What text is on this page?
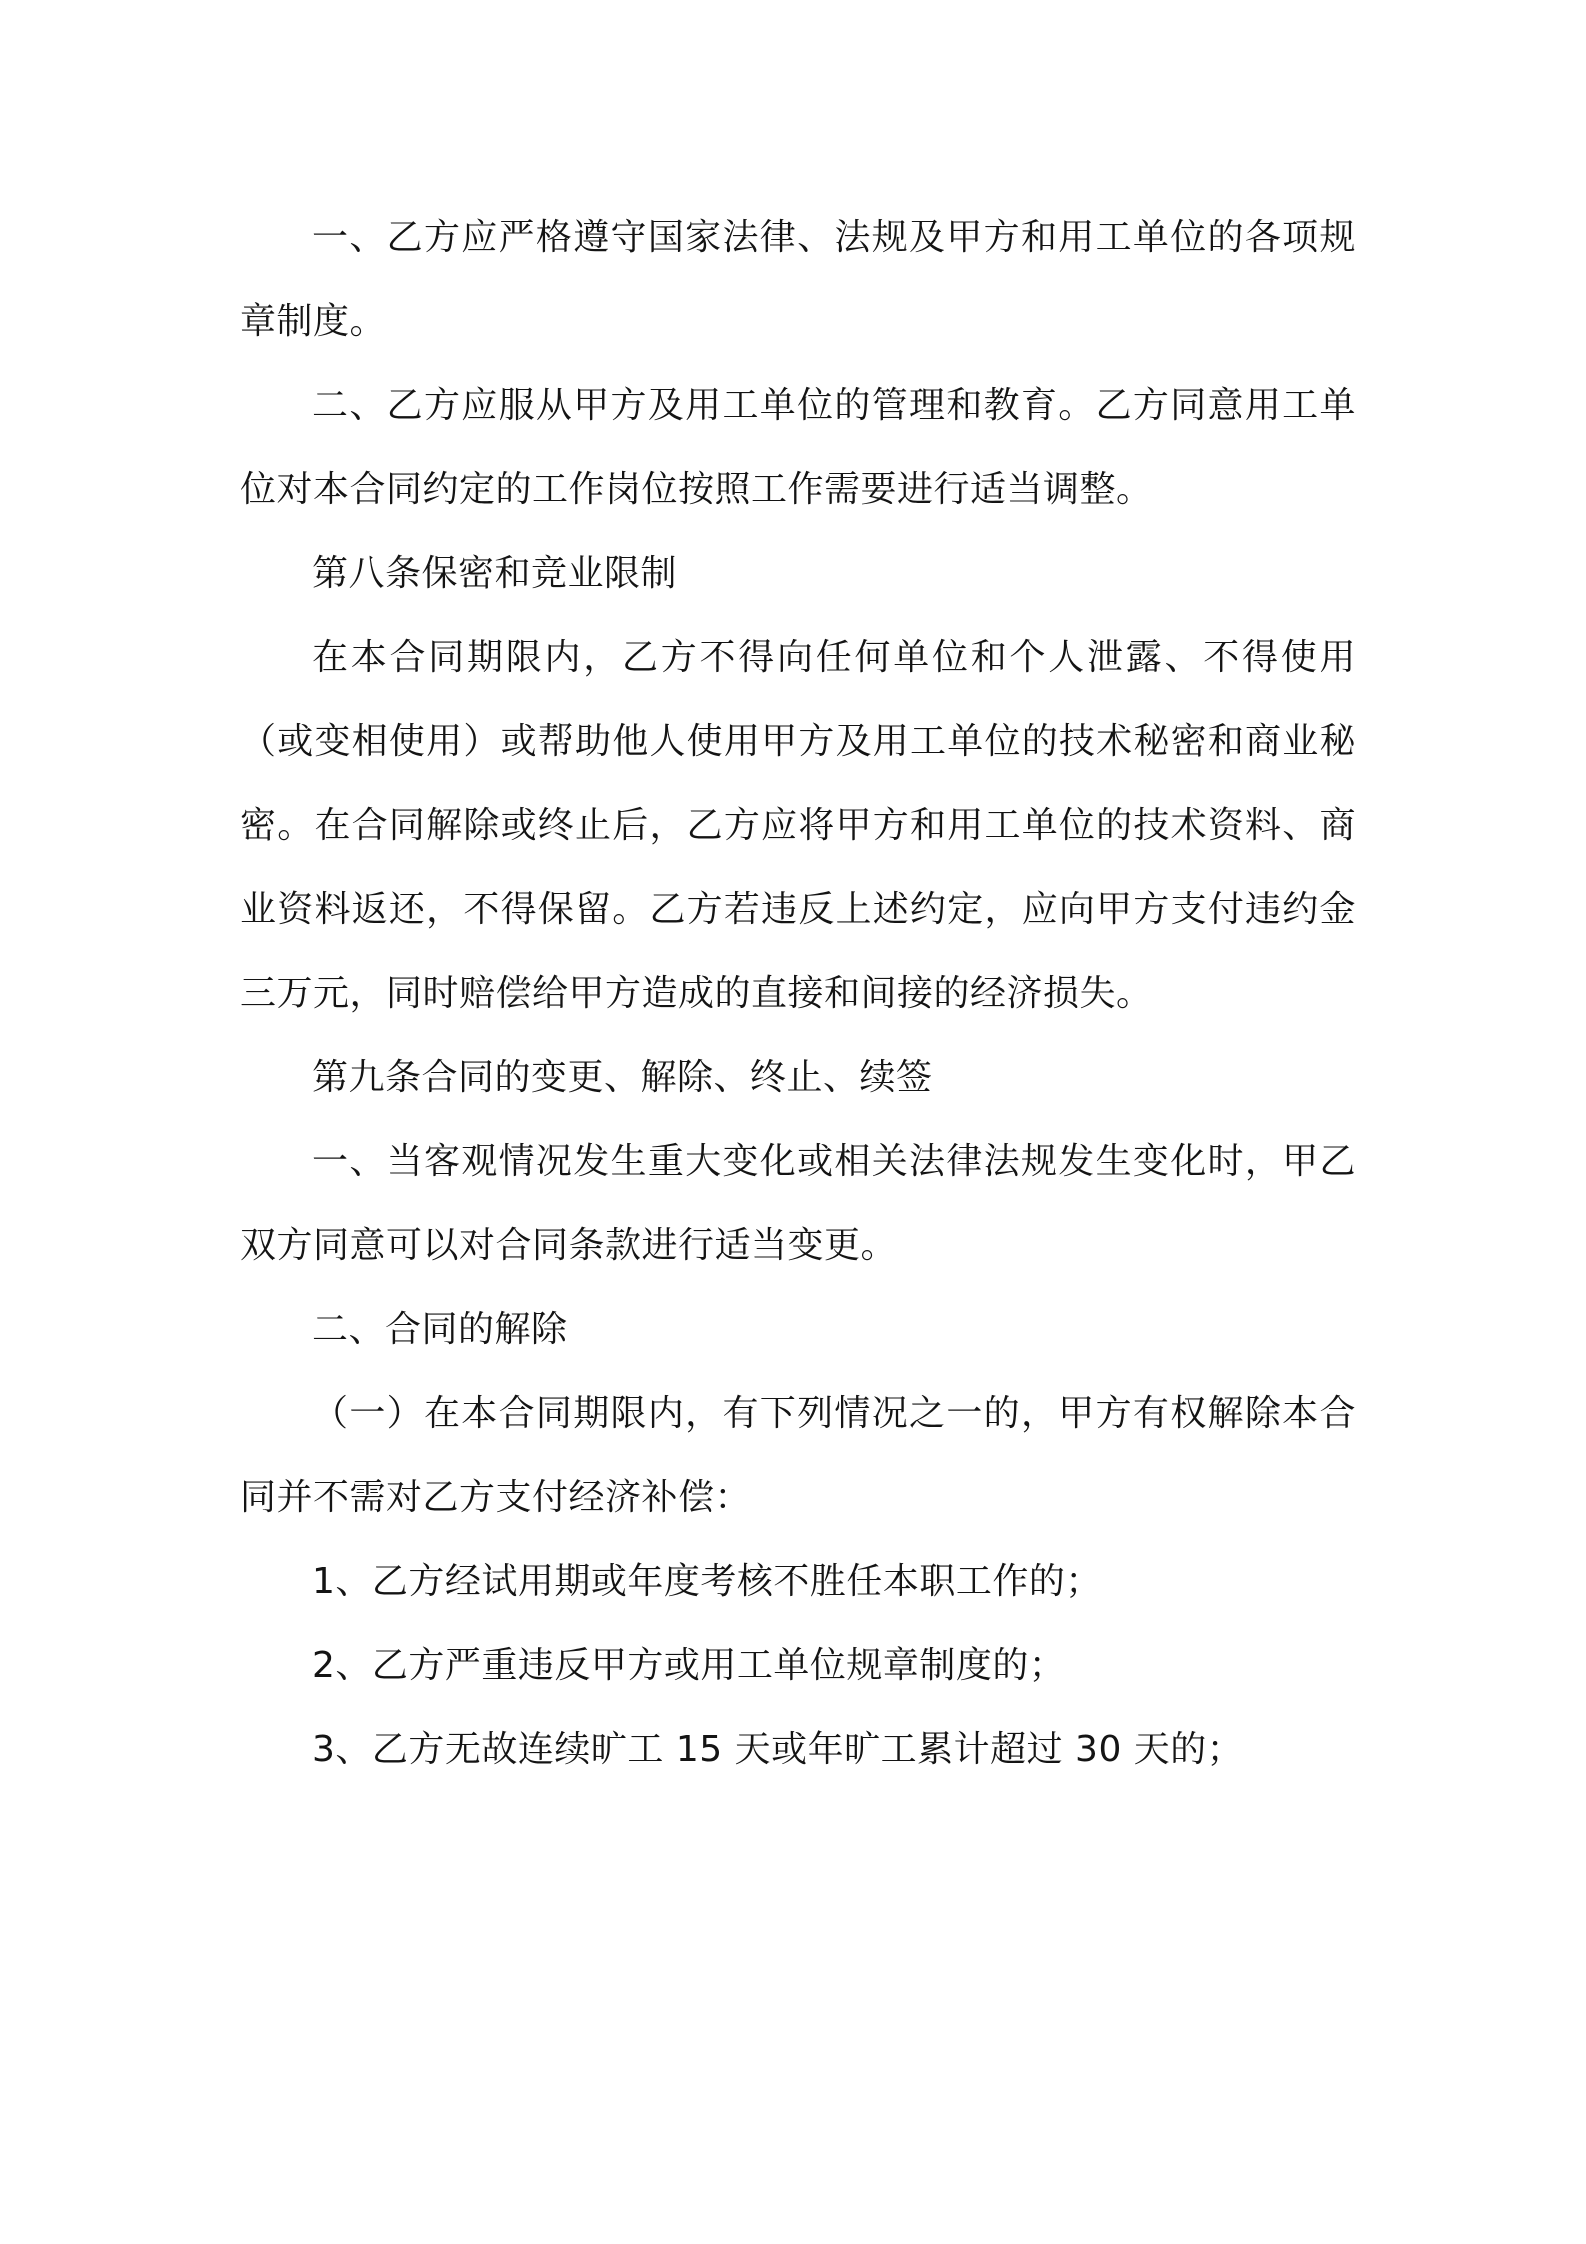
一、乙方应严格遵守国家法律、法规及甲方和用工单位的各项规章制度。

二、乙方应服从甲方及用工单位的管理和教育。乙方同意用工单位对本合同约定的工作岗位按照工作需要进行适当调整。

第八条保密和竞业限制

在本合同期限内，乙方不得向任何单位和个人泄露、不得使用（或变相使用）或帮助他人使用甲方及用工单位的技术秘密和商业秘密。在合同解除或终止后，乙方应将甲方和用工单位的技术资料、商业资料返还，不得保留。乙方若违反上述约定，应向甲方支付违约金三万元，同时赔偿给甲方造成的直接和间接的经济损失。

第九条合同的变更、解除、终止、续签

一、当客观情况发生重大变化或相关法律法规发生变化时，甲乙双方同意可以对合同条款进行适当变更。

二、合同的解除

（一）在本合同期限内，有下列情况之一的，甲方有权解除本合同并不需对乙方支付经济补偿：

1、乙方经试用期或年度考核不胜任本职工作的；

2、乙方严重违反甲方或用工单位规章制度的；

3、乙方无故连续旷工 15 天或年旷工累计超过 30 天的；
